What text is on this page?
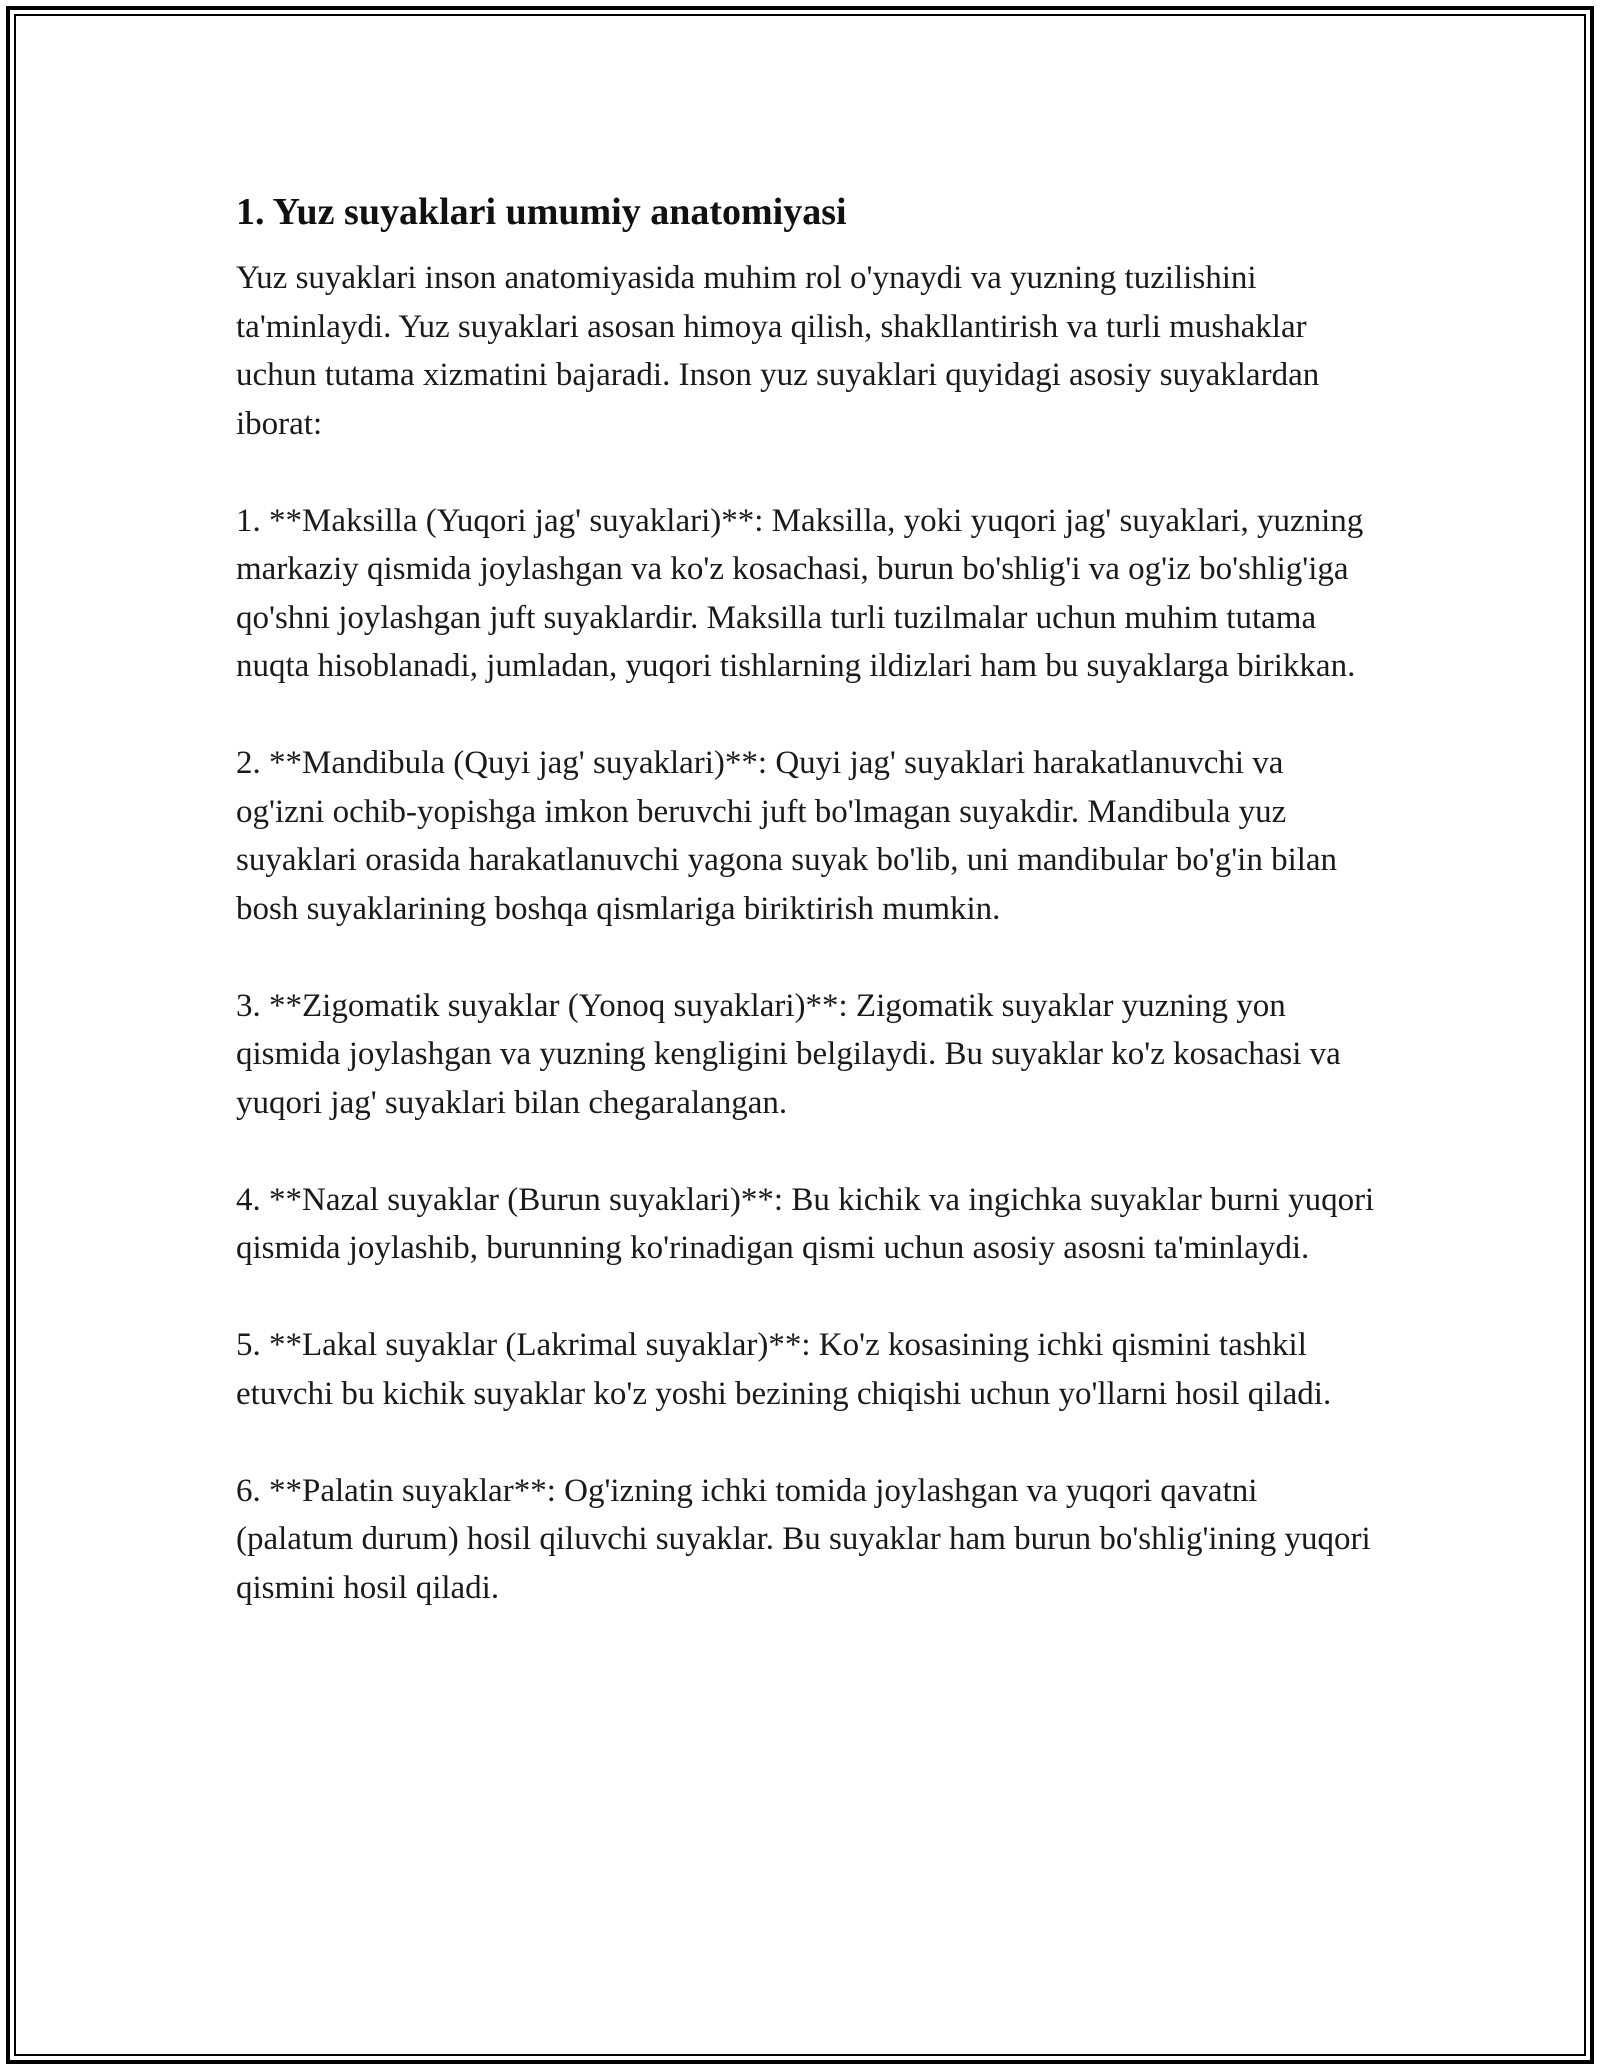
1. Yuz suyaklari umumiy anatomiyasi

Yuz suyaklari inson anatomiyasida muhim rol o'ynaydi va yuzning tuzilishini ta'minlaydi. Yuz suyaklari asosan himoya qilish, shakllantirish va turli mushaklar uchun tutama xizmatini bajaradi. Inson yuz suyaklari quyidagi asosiy suyaklardan iborat:

1. **Maksilla (Yuqori jag' suyaklari)**: Maksilla, yoki yuqori jag' suyaklari, yuzning markaziy qismida joylashgan va ko'z kosachasi, burun bo'shlig'i va og'iz bo'shlig'iga qo'shni joylashgan juft suyaklardir. Maksilla turli tuzilmalar uchun muhim tutama nuqta hisoblanadi, jumladan, yuqori tishlarning ildizlari ham bu suyaklarga birikkan.

2. **Mandibula (Quyi jag' suyaklari)**: Quyi jag' suyaklari harakatlanuvchi va og'izni ochib-yopishga imkon beruvchi juft bo'lmagan suyakdir. Mandibula yuz suyaklari orasida harakatlanuvchi yagona suyak bo'lib, uni mandibular bo'g'in bilan bosh suyaklarining boshqa qismlariga biriktirish mumkin.

3. **Zigomatik suyaklar (Yonoq suyaklari)**: Zigomatik suyaklar yuzning yon qismida joylashgan va yuzning kengligini belgilaydi. Bu suyaklar ko'z kosachasi va yuqori jag' suyaklari bilan chegaralangan.

4. **Nazal suyaklar (Burun suyaklari)**: Bu kichik va ingichka suyaklar burni yuqori qismida joylashib, burunning ko'rinadigan qismi uchun asosiy asosni ta'minlaydi.

5. **Lakal suyaklar (Lakrimal suyaklar)**: Ko'z kosasining ichki qismini tashkil etuvchi bu kichik suyaklar ko'z yoshi bezining chiqishi uchun yo'llarni hosil qiladi.

6. **Palatin suyaklar**: Og'izning ichki tomida joylashgan va yuqori qavatni (palatum durum) hosil qiluvchi suyaklar. Bu suyaklar ham burun bo'shlig'ining yuqori qismini hosil qiladi.
